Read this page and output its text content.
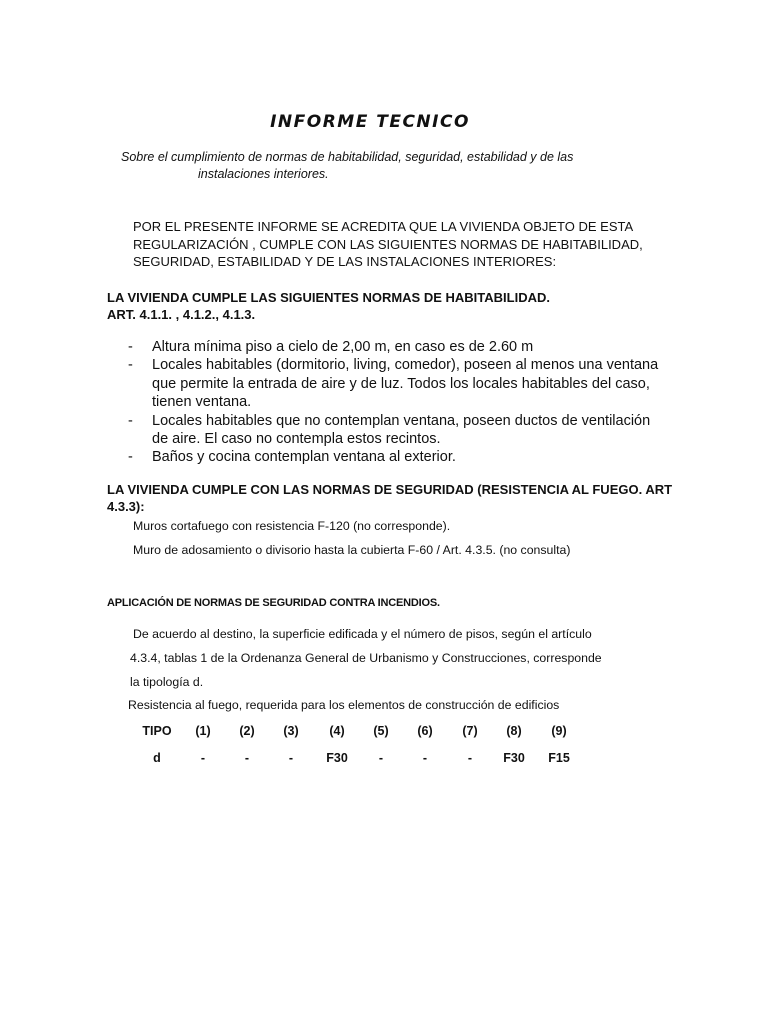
INFORME TECNICO
Sobre el cumplimiento de normas de habitabilidad, seguridad, estabilidad y de las
instalaciones interiores.
POR EL PRESENTE INFORME SE ACREDITA QUE LA VIVIENDA OBJETO DE ESTA
REGULARIZACIÓN , CUMPLE CON LAS SIGUIENTES NORMAS DE HABITABILIDAD,
SEGURIDAD, ESTABILIDAD Y DE LAS INSTALACIONES INTERIORES:
LA VIVIENDA CUMPLE LAS SIGUIENTES NORMAS DE HABITABILIDAD.
ART. 4.1.1. , 4.1.2., 4.1.3.
- Altura mínima piso a cielo de 2,00 m, en caso es de 2.60 m
- Locales habitables (dormitorio, living, comedor), poseen al menos una ventana
que permite la entrada de aire y de luz. Todos los locales habitables del caso,
tienen ventana.
- Locales habitables que no contemplan ventana, poseen ductos de ventilación
de aire. El caso no contempla estos recintos.
- Baños y cocina contemplan ventana al exterior.
LA VIVIENDA CUMPLE CON LAS NORMAS DE SEGURIDAD (RESISTENCIA AL FUEGO. ART
4.3.3):
Muros cortafuego con resistencia F-120 (no corresponde).
Muro de adosamiento o divisorio hasta la cubierta F-60 / Art. 4.3.5. (no consulta)
APLICACIÓN DE NORMAS DE SEGURIDAD CONTRA INCENDIOS.
De acuerdo al destino, la superficie edificada y el número de pisos, según el artículo
4.3.4, tablas 1 de la Ordenanza General de Urbanismo y Construcciones, corresponde
la tipología d.
Resistencia al fuego, requerida para los elementos de construcción de edificios
TIPO (1) (2) (3) (4) (5) (6) (7) (8) (9)
d	-	-	-	F30 -	-	- F30 F15
